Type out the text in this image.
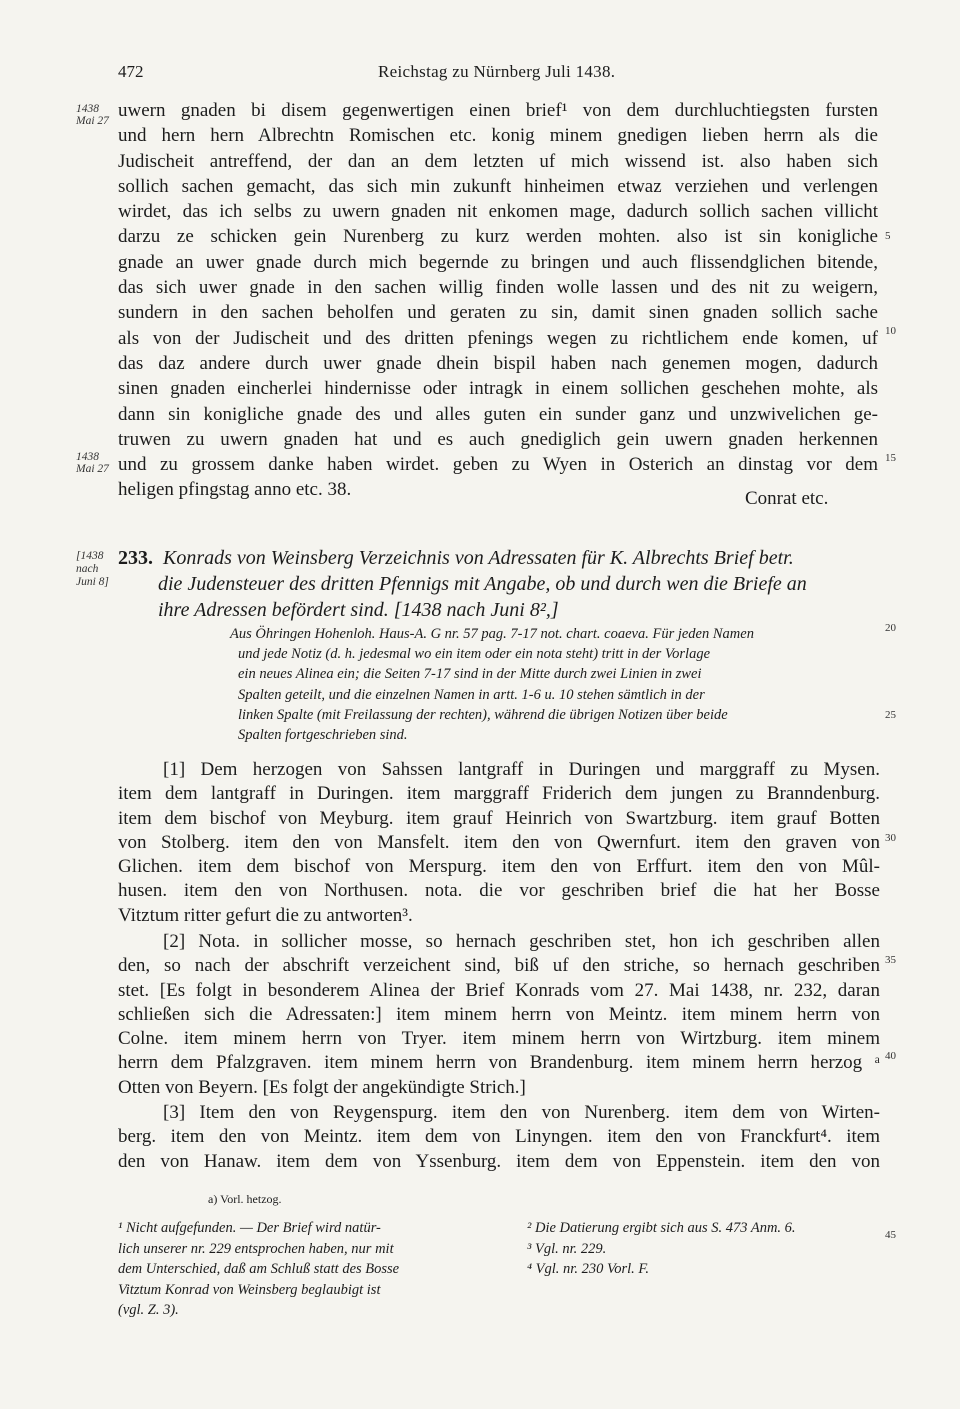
472	Reichstag zu Nürnberg Juli 1438.
1438
Mai 27
1438
Mai 27
[1438
nach
Juni 8]
uwern gnaden bi disem gegenwertigen einen brief¹ von dem durchluchtiegsten fursten
und hern hern Albrechtn Romischen etc. konig minem gnedigen lieben herrn als die
Judischeit antreffend, der dan an dem letzten uf mich wissend ist. also haben sich
sollich sachen gemacht, das sich min zukunft hinheimen etwaz verziehen und verlengen
wirdet, das ich selbs zu uwern gnaden nit enkomen mage, dadurch sollich sachen villicht
darzu ze schicken gein Nurenberg zu kurz werden mohten. also ist sin konigliche
gnade an uwer gnade durch mich begernde zu bringen und auch flissendglichen bitende,
das sich uwer gnade in den sachen willig finden wolle lassen und des nit zu weigern,
sundern in den sachen beholfen und geraten zu sin, damit sinen gnaden sollich sache
als von der Judischeit und des dritten pfenings wegen zu richtlichem ende komen, uf
das daz andere durch uwer gnade dhein bispil haben nach genemen mogen, dadurch
sinen gnaden eincherlei hindernisse oder intragk in einem sollichen geschehen mohte, als
dann sin konigliche gnade des und alles guten ein sunder ganz und unzwivelichen ge-
truwen zu uwern gnaden hat und es auch gnediglich gein uwern gnaden herkennen
und zu grossem danke haben wirdet. geben zu Wyen in Osterich an dinstag vor dem
heligen pfingstag anno etc. 38.	Conrat etc.
5
10
15
20
25
30
35
40
45
233. Konrads von Weinsberg Verzeichnis von Adressaten für K. Albrechts Brief betr.
die Judensteuer des dritten Pfennigs mit Angabe, ob und durch wen die Briefe an
ihre Adressen befördert sind. [1438 nach Juni 8²,]
Aus Öhringen Hohenloh. Haus-A. G nr. 57 pag. 7-17 not. chart. coaeva. Für jeden Namen
und jede Notiz (d. h. jedesmal wo ein item oder ein nota steht) tritt in der Vorlage
ein neues Alinea ein; die Seiten 7-17 sind in der Mitte durch zwei Linien in zwei
Spalten geteilt, und die einzelnen Namen in artt. 1-6 u. 10 stehen sämtlich in der
linken Spalte (mit Freilassung der rechten), während die übrigen Notizen über beide
Spalten fortgeschrieben sind.
[1] Dem herzogen von Sahssen lantgraff in Duringen und marggraff zu Mysen.
item dem lantgraff in Duringen. item marggraff Friderich dem jungen zu Branndenburg.
item dem bischof von Meyburg. item grauf Heinrich von Swartzburg. item grauf Botten
von Stolberg. item den von Mansfelt. item den von Qwernfurt. item den graven von
Glichen. item dem bischof von Merspurg. item den von Erffurt. item den von Mûl-
husen. item den von Northusen. nota. die vor geschriben brief die hat her Bosse
Vitztum ritter gefurt die zu antworten³.
[2] Nota. in sollicher mosse, so hernach geschriben stet, hon ich geschriben allen
den, so nach der abschrift verzeichent sind, biß uf den striche, so hernach geschriben
stet. [Es folgt in besonderem Alinea der Brief Konrads vom 27. Mai 1438, nr. 232, daran
schließen sich die Adressaten:] item minem herrn von Meintz. item minem herrn von
Colne. item minem herrn von Tryer. item minem herrn von Wirtzburg. item minem
herrn dem Pfalzgraven. item minem herrn von Brandenburg. item minem herrn herzog ᵃ
Otten von Beyern. [Es folgt der angekündigte Strich.]
[3] Item den von Reygenspurg. item den von Nurenberg. item dem von Wirten-
berg. item den von Meintz. item dem von Linyngen. item den von Franckfurt⁴. item
den von Hanaw. item dem von Yssenburg. item dem von Eppenstein. item den von
a) Vorl. hetzog.
¹ Nicht aufgefunden. — Der Brief wird natür-
lich unserer nr. 229 entsprochen haben, nur mit
dem Unterschied, daß am Schluß statt des Bosse
Vitztum Konrad von Weinsberg beglaubigt ist
(vgl. Z. 3).
² Die Datierung ergibt sich aus S. 473 Anm. 6.
³ Vgl. nr. 229.
⁴ Vgl. nr. 230 Vorl. F.
